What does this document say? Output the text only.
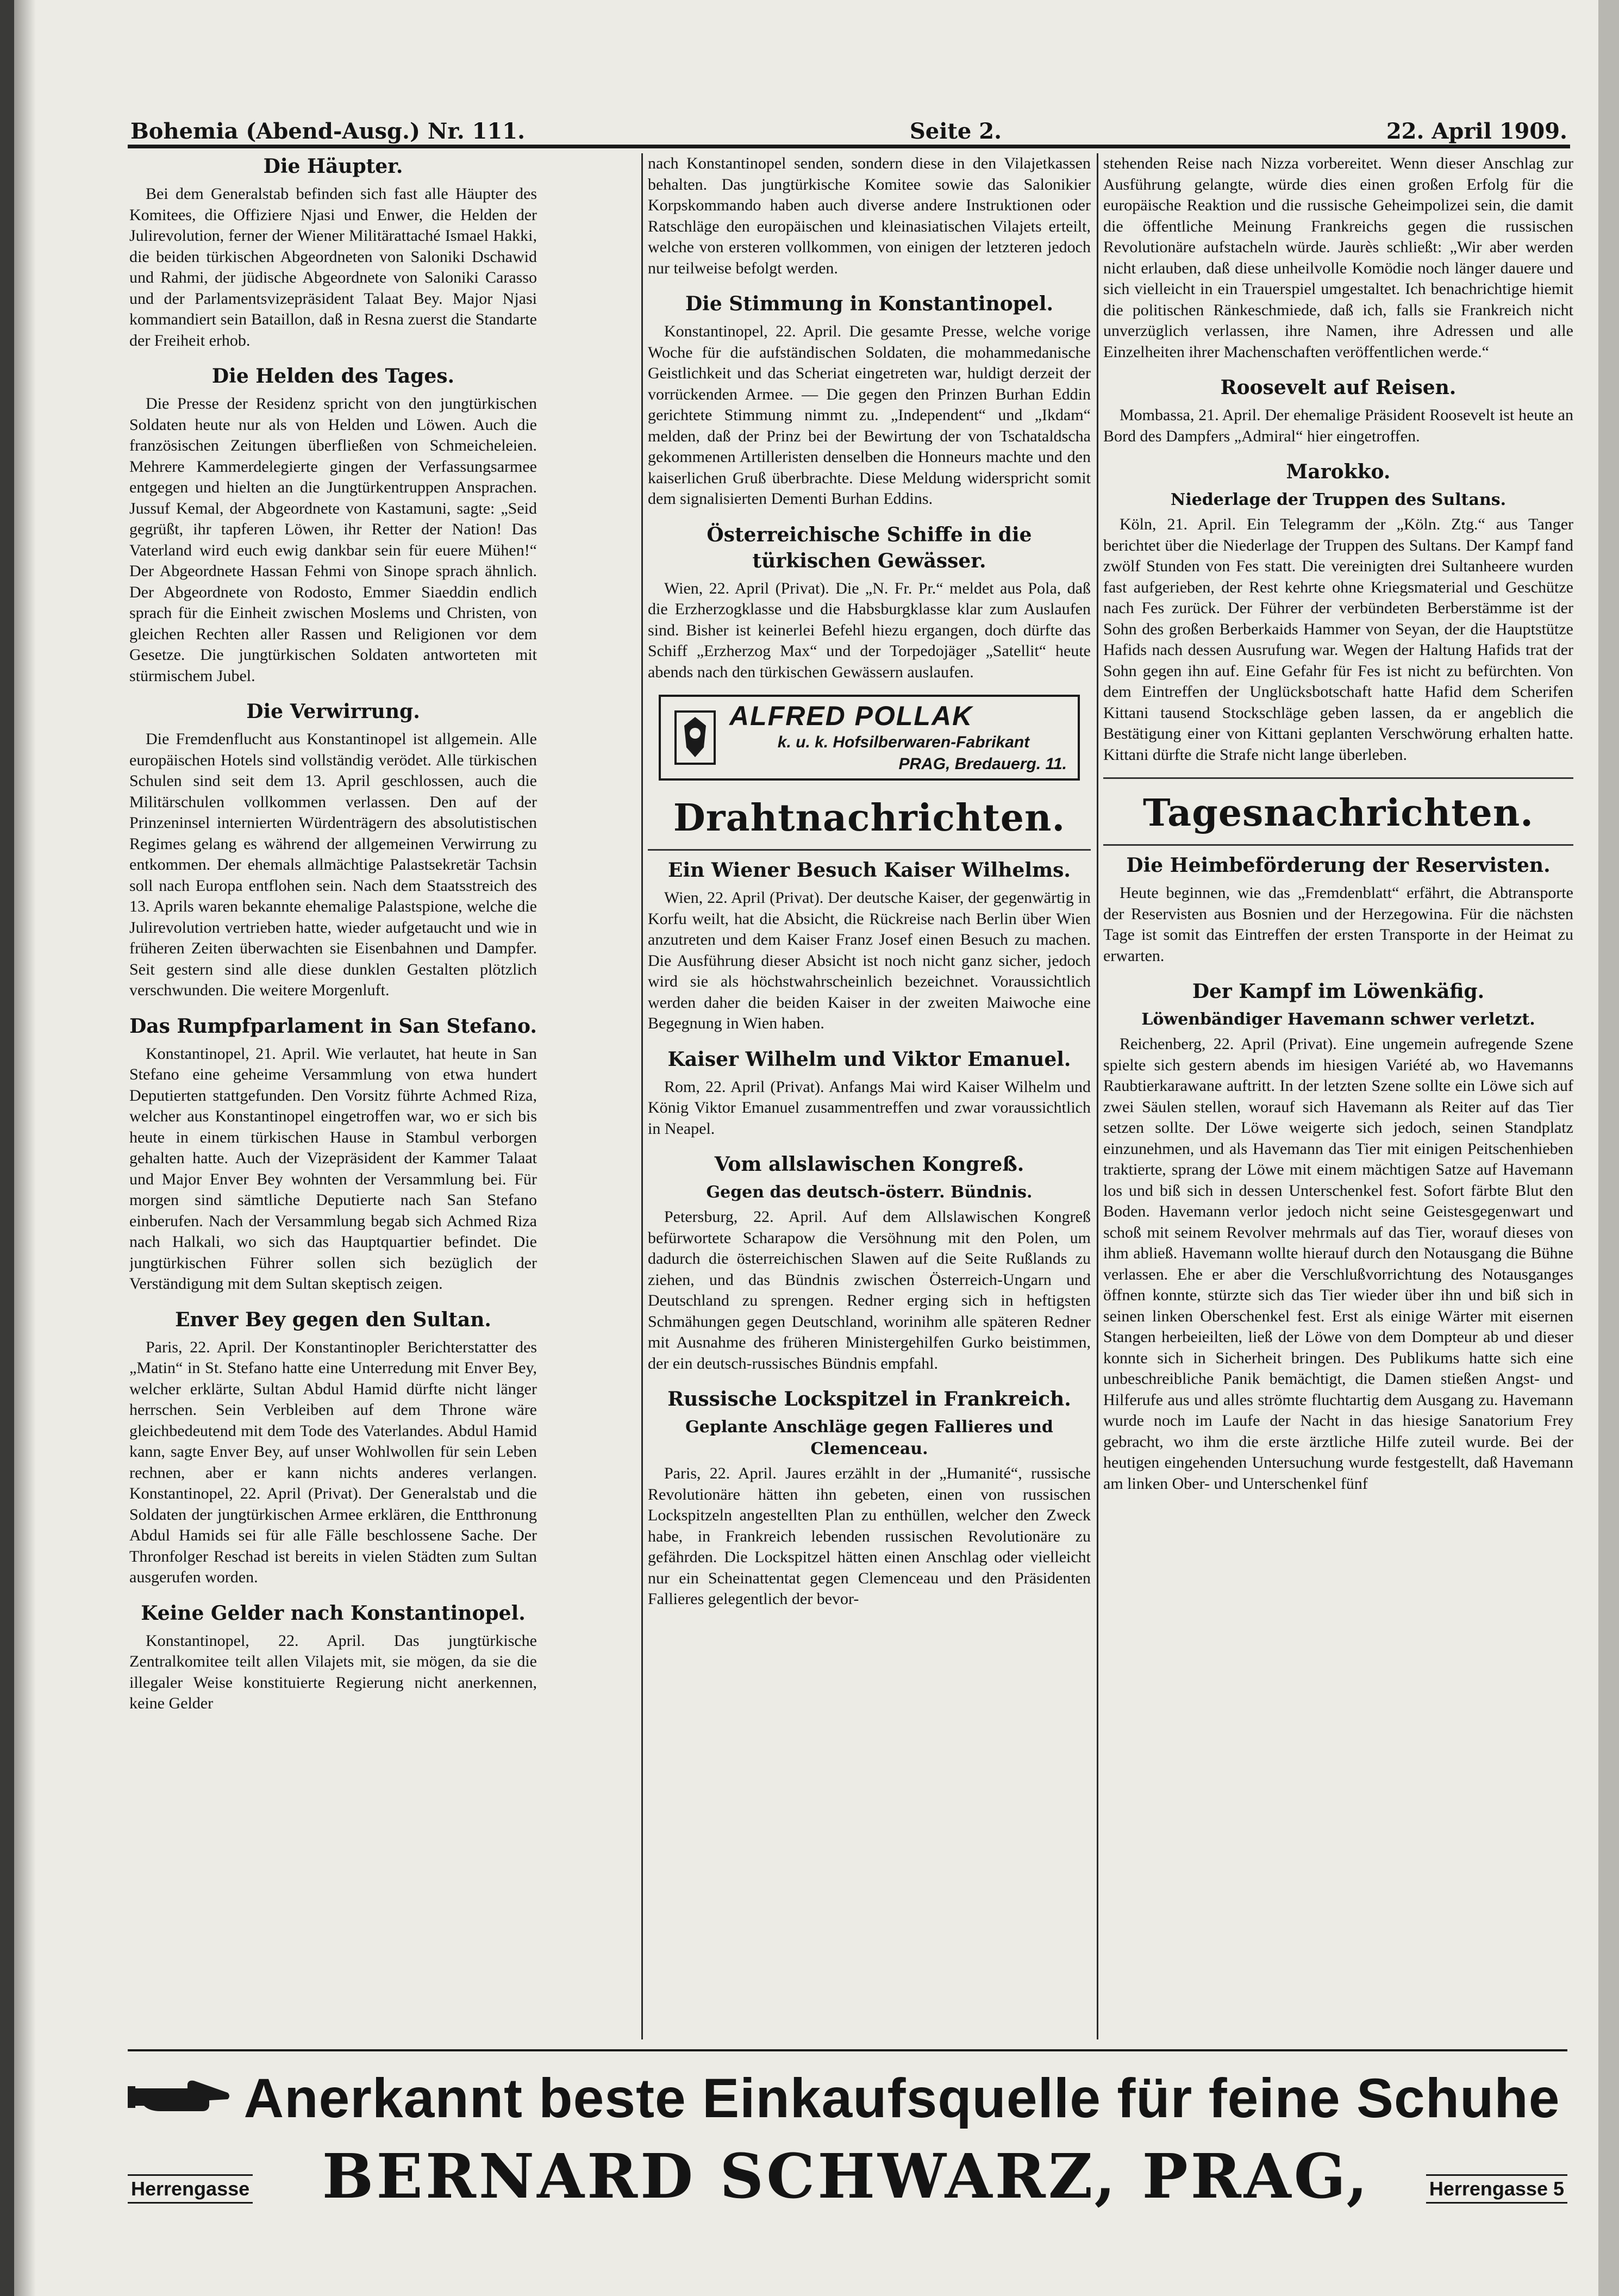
Bohemia (Abend-Ausg.) Nr. 111.	Seite 2.	22. April 1909.
Die Häupter.

Bei dem Generalstab befinden sich fast alle Häupter des Komitees, die Offiziere Njasi und Enwer, die Helden der Julirevolution, ferner der Wiener Militärattaché Ismael Hakki, die beiden türkischen Abgeordneten von Saloniki Dschawid und Rahmi, der jüdische Abgeordnete von Saloniki Carasso und der Parlamentsvizepräsident Talaat Bey. Major Njasi kommandiert sein Bataillon, daß in Resna zuerst die Standarte der Freiheit erhob.

Die Helden des Tages.

Die Presse der Residenz spricht von den jungtürkischen Soldaten heute nur als von Helden und Löwen. Auch die französischen Zeitungen überfließen von Schmeicheleien. Mehrere Kammerdelegierte gingen der Verfassungsarmee entgegen und hielten an die Jungtürkentruppen Ansprachen. Jussuf Kemal, der Abgeordnete von Kastamuni, sagte: „Seid gegrüßt, ihr tapferen Löwen, ihr Retter der Nation! Das Vaterland wird euch ewig dankbar sein für euere Mühen!“ Der Abgeordnete Hassan Fehmi von Sinope sprach ähnlich. Der Abgeordnete von Rodosto, Emmer Siaeddin endlich sprach für die Einheit zwischen Moslems und Christen, von gleichen Rechten aller Rassen und Religionen vor dem Gesetze. Die jungtürkischen Soldaten antworteten mit stürmischem Jubel.

Die Verwirrung.

Die Fremdenflucht aus Konstantinopel ist allgemein. Alle europäischen Hotels sind vollständig verödet. Alle türkischen Schulen sind seit dem 13. April geschlossen, auch die Militärschulen vollkommen verlassen. Den auf der Prinzeninsel internierten Würdenträgern des absolutistischen Regimes gelang es während der allgemeinen Verwirrung zu entkommen. Der ehemals allmächtige Palastsekretär Tachsin soll nach Europa entflohen sein. Nach dem Staatsstreich des 13. Aprils waren bekannte ehemalige Palastspione, welche die Julirevolution vertrieben hatte, wieder aufgetaucht und wie in früheren Zeiten überwachten sie Eisenbahnen und Dampfer. Seit gestern sind alle diese dunklen Gestalten plötzlich verschwunden. Die weitere Morgenluft.

Das Rumpfparlament in San Stefano.

Konstantinopel, 21. April. Wie verlautet, hat heute in San Stefano eine geheime Versammlung von etwa hundert Deputierten stattgefunden. Den Vorsitz führte Achmed Riza, welcher aus Konstantinopel eingetroffen war, wo er sich bis heute in einem türkischen Hause in Stambul verborgen gehalten hatte. Auch der Vizepräsident der Kammer Talaat und Major Enver Bey wohnten der Versammlung bei. Für morgen sind sämtliche Deputierte nach San Stefano einberufen. Nach der Versammlung begab sich Achmed Riza nach Halkali, wo sich das Hauptquartier befindet. Die jungtürkischen Führer sollen sich bezüglich der Verständigung mit dem Sultan skeptisch zeigen.

Enver Bey gegen den Sultan.

Paris, 22. April. Der Konstantinopler Berichterstatter des „Matin“ in St. Stefano hatte eine Unterredung mit Enver Bey, welcher erklärte, Sultan Abdul Hamid dürfte nicht länger herrschen. Sein Verbleiben auf dem Throne wäre gleichbedeutend mit dem Tode des Vaterlandes. Abdul Hamid kann, sagte Enver Bey, auf unser Wohlwollen für sein Leben rechnen, aber er kann nichts anderes verlangen. Konstantinopel, 22. April (Privat). Der Generalstab und die Soldaten der jungtürkischen Armee erklären, die Entthronung Abdul Hamids sei für alle Fälle beschlossene Sache. Der Thronfolger Reschad ist bereits in vielen Städten zum Sultan ausgerufen worden.

Keine Gelder nach Konstantinopel.

Konstantinopel, 22. April. Das jungtürkische Zentralkomitee teilt allen Vilajets mit, sie mögen, da sie die illegaler Weise konstituierte Regierung nicht anerkennen, keine Gelder

nach Konstantinopel senden, sondern diese in den Vilajetkassen behalten. Das jungtürkische Komitee sowie das Salonikier Korpskommando haben auch diverse andere Instruktionen oder Ratschläge den europäischen und kleinasiatischen Vilajets erteilt, welche von ersteren vollkommen, von einigen der letzteren jedoch nur teilweise befolgt werden.

Die Stimmung in Konstantinopel.

Konstantinopel, 22. April. Die gesamte Presse, welche vorige Woche für die aufständischen Soldaten, die mohammedanische Geistlichkeit und das Scheriat eingetreten war, huldigt derzeit der vorrückenden Armee. — Die gegen den Prinzen Burhan Eddin gerichtete Stimmung nimmt zu. „Independent“ und „Ikdam“ melden, daß der Prinz bei der Bewirtung der von Tschataldscha gekommenen Artilleristen denselben die Honneurs machte und den kaiserlichen Gruß überbrachte. Diese Meldung widerspricht somit dem signalisierten Dementi Burhan Eddins.

Österreichische Schiffe in die türkischen Gewässer.

Wien, 22. April (Privat). Die „N. Fr. Pr.“ meldet aus Pola, daß die Erzherzogklasse und die Habsburgklasse klar zum Auslaufen sind. Bisher ist keinerlei Befehl hiezu ergangen, doch dürfte das Schiff „Erzherzog Max“ und der Torpedojäger „Satellit“ heute abends nach den türkischen Gewässern auslaufen.

ALFRED POLLAK
k. u. k. Hofsilberwaren-Fabrikant
PRAG, Bredauerg. 11.
Drahtnachrichten.
Ein Wiener Besuch Kaiser Wilhelms.

Wien, 22. April (Privat). Der deutsche Kaiser, der gegenwärtig in Korfu weilt, hat die Absicht, die Rückreise nach Berlin über Wien anzutreten und dem Kaiser Franz Josef einen Besuch zu machen. Die Ausführung dieser Absicht ist noch nicht ganz sicher, jedoch wird sie als höchstwahrscheinlich bezeichnet. Voraussichtlich werden daher die beiden Kaiser in der zweiten Maiwoche eine Begegnung in Wien haben.

Kaiser Wilhelm und Viktor Emanuel.

Rom, 22. April (Privat). Anfangs Mai wird Kaiser Wilhelm und König Viktor Emanuel zusammentreffen und zwar voraussichtlich in Neapel.

Vom allslawischen Kongreß.
Gegen das deutsch-österr. Bündnis.

Petersburg, 22. April. Auf dem Allslawischen Kongreß befürwortete Scharapow die Versöhnung mit den Polen, um dadurch die österreichischen Slawen auf die Seite Rußlands zu ziehen, und das Bündnis zwischen Österreich-Ungarn und Deutschland zu sprengen. Redner erging sich in heftigsten Schmähungen gegen Deutschland, worinihm alle späteren Redner mit Ausnahme des früheren Ministergehilfen Gurko beistimmen, der ein deutsch-russisches Bündnis empfahl.

Russische Lockspitzel in Frankreich.
Geplante Anschläge gegen Fallieres und Clemenceau.

Paris, 22. April. Jaures erzählt in der „Humanité“, russische Revolutionäre hätten ihn gebeten, einen von russischen Lockspitzeln angestellten Plan zu enthüllen, welcher den Zweck habe, in Frankreich lebenden russischen Revolutionäre zu gefährden. Die Lockspitzel hätten einen Anschlag oder vielleicht nur ein Scheinattentat gegen Clemenceau und den Präsidenten Fallieres gelegentlich der bevor-

stehenden Reise nach Nizza vorbereitet. Wenn dieser Anschlag zur Ausführung gelangte, würde dies einen großen Erfolg für die europäische Reaktion und die russische Geheimpolizei sein, die damit die öffentliche Meinung Frankreichs gegen die russischen Revolutionäre aufstacheln würde. Jaurès schließt: „Wir aber werden nicht erlauben, daß diese unheilvolle Komödie noch länger dauere und sich vielleicht in ein Trauerspiel umgestaltet. Ich benachrichtige hiemit die politischen Ränkeschmiede, daß ich, falls sie Frankreich nicht unverzüglich verlassen, ihre Namen, ihre Adressen und alle Einzelheiten ihrer Machenschaften veröffentlichen werde.“

Roosevelt auf Reisen.

Mombassa, 21. April. Der ehemalige Präsident Roosevelt ist heute an Bord des Dampfers „Admiral“ hier eingetroffen.

Marokko.
Niederlage der Truppen des Sultans.

Köln, 21. April. Ein Telegramm der „Köln. Ztg.“ aus Tanger berichtet über die Niederlage der Truppen des Sultans. Der Kampf fand zwölf Stunden von Fes statt. Die vereinigten drei Sultanheere wurden fast aufgerieben, der Rest kehrte ohne Kriegsmaterial und Geschütze nach Fes zurück. Der Führer der verbündeten Berberstämme ist der Sohn des großen Berberkaids Hammer von Seyan, der die Hauptstütze Hafids nach dessen Ausrufung war. Wegen der Haltung Hafids trat der Sohn gegen ihn auf. Eine Gefahr für Fes ist nicht zu befürchten. Von dem Eintreffen der Unglücksbotschaft hatte Hafid dem Scherifen Kittani tausend Stockschläge geben lassen, da er angeblich die Bestätigung einer von Kittani geplanten Verschwörung erhalten hatte. Kittani dürfte die Strafe nicht lange überleben.

Tagesnachrichten.
Die Heimbeförderung der Reservisten.

Heute beginnen, wie das „Fremdenblatt“ erfährt, die Abtransporte der Reservisten aus Bosnien und der Herzegowina. Für die nächsten Tage ist somit das Eintreffen der ersten Transporte in der Heimat zu erwarten.

Der Kampf im Löwenkäfig.
Löwenbändiger Havemann schwer verletzt.

Reichenberg, 22. April (Privat). Eine ungemein aufregende Szene spielte sich gestern abends im hiesigen Variété ab, wo Havemanns Raubtierkarawane auftritt. In der letzten Szene sollte ein Löwe sich auf zwei Säulen stellen, worauf sich Havemann als Reiter auf das Tier setzen sollte. Der Löwe weigerte sich jedoch, seinen Standplatz einzunehmen, und als Havemann das Tier mit einigen Peitschenhieben traktierte, sprang der Löwe mit einem mächtigen Satze auf Havemann los und biß sich in dessen Unterschenkel fest. Sofort färbte Blut den Boden. Havemann verlor jedoch nicht seine Geistesgegenwart und schoß mit seinem Revolver mehrmals auf das Tier, worauf dieses von ihm abließ. Havemann wollte hierauf durch den Notausgang die Bühne verlassen. Ehe er aber die Verschlußvorrichtung des Notausganges öffnen konnte, stürzte sich das Tier wieder über ihn und biß sich in seinen linken Oberschenkel fest. Erst als einige Wärter mit eisernen Stangen herbeieilten, ließ der Löwe von dem Dompteur ab und dieser konnte sich in Sicherheit bringen. Des Publikums hatte sich eine unbeschreibliche Panik bemächtigt, die Damen stießen Angst- und Hilferufe aus und alles strömte fluchtartig dem Ausgang zu. Havemann wurde noch im Laufe der Nacht in das hiesige Sanatorium Frey gebracht, wo ihm die erste ärztliche Hilfe zuteil wurde. Bei der heutigen eingehenden Untersuchung wurde festgestellt, daß Havemann am linken Ober- und Unterschenkel fünf

Anerkannt beste Einkaufsquelle für feine Schuhe
Herrengasse	BERNARD SCHWARZ, PRAG,	Herrengasse 5
